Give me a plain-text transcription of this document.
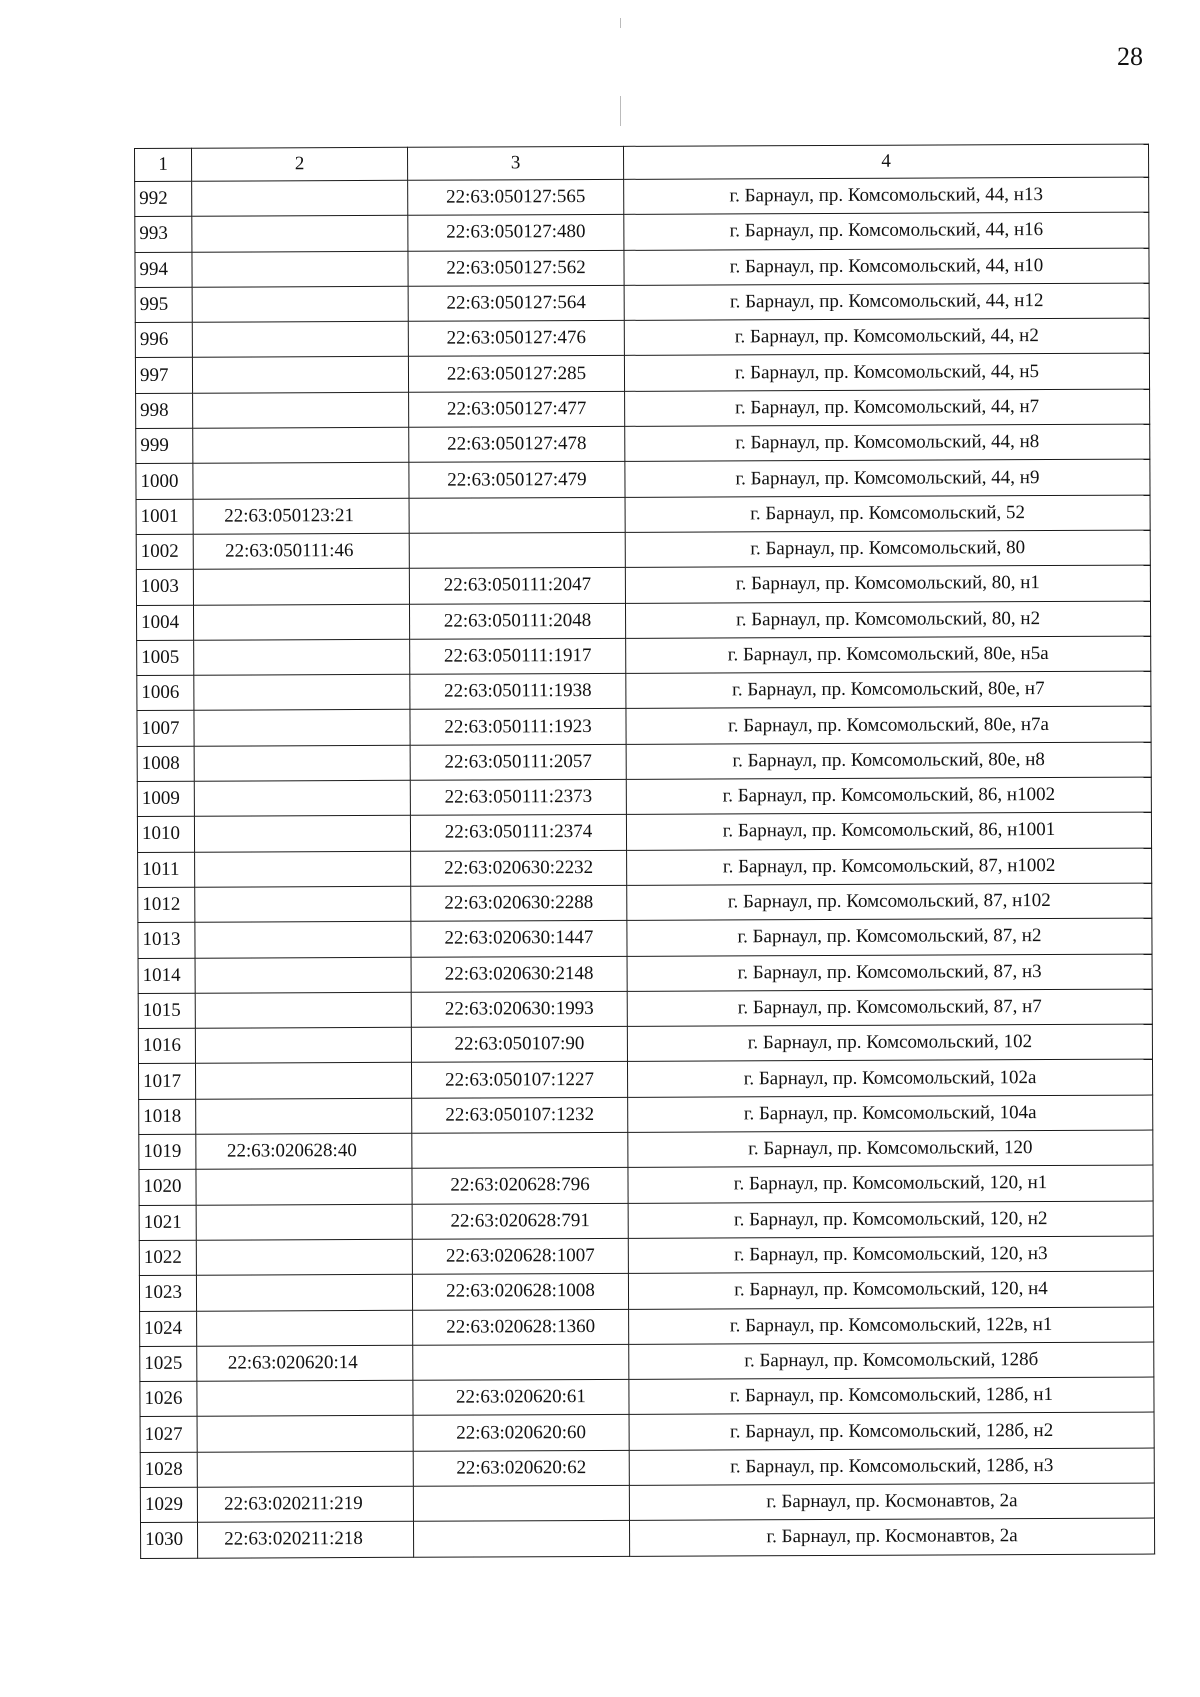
28
1	2	3	4
992		22:63:050127:565	г. Барнаул, пр. Комсомольский, 44, н13
993		22:63:050127:480	г. Барнаул, пр. Комсомольский, 44, н16
994		22:63:050127:562	г. Барнаул, пр. Комсомольский, 44, н10
995		22:63:050127:564	г. Барнаул, пр. Комсомольский, 44, н12
996		22:63:050127:476	г. Барнаул, пр. Комсомольский, 44, н2
997		22:63:050127:285	г. Барнаул, пр. Комсомольский, 44, н5
998		22:63:050127:477	г. Барнаул, пр. Комсомольский, 44, н7
999		22:63:050127:478	г. Барнаул, пр. Комсомольский, 44, н8
1000		22:63:050127:479	г. Барнаул, пр. Комсомольский, 44, н9
1001	22:63:050123:21		г. Барнаул, пр. Комсомольский, 52
1002	22:63:050111:46		г. Барнаул, пр. Комсомольский, 80
1003		22:63:050111:2047	г. Барнаул, пр. Комсомольский, 80, н1
1004		22:63:050111:2048	г. Барнаул, пр. Комсомольский, 80, н2
1005		22:63:050111:1917	г. Барнаул, пр. Комсомольский, 80е, н5а
1006		22:63:050111:1938	г. Барнаул, пр. Комсомольский, 80е, н7
1007		22:63:050111:1923	г. Барнаул, пр. Комсомольский, 80е, н7а
1008		22:63:050111:2057	г. Барнаул, пр. Комсомольский, 80е, н8
1009		22:63:050111:2373	г. Барнаул, пр. Комсомольский, 86, н1002
1010		22:63:050111:2374	г. Барнаул, пр. Комсомольский, 86, н1001
1011		22:63:020630:2232	г. Барнаул, пр. Комсомольский, 87, н1002
1012		22:63:020630:2288	г. Барнаул, пр. Комсомольский, 87, н102
1013		22:63:020630:1447	г. Барнаул, пр. Комсомольский, 87, н2
1014		22:63:020630:2148	г. Барнаул, пр. Комсомольский, 87, н3
1015		22:63:020630:1993	г. Барнаул, пр. Комсомольский, 87, н7
1016		22:63:050107:90	г. Барнаул, пр. Комсомольский, 102
1017		22:63:050107:1227	г. Барнаул, пр. Комсомольский, 102а
1018		22:63:050107:1232	г. Барнаул, пр. Комсомольский, 104а
1019	22:63:020628:40		г. Барнаул, пр. Комсомольский, 120
1020		22:63:020628:796	г. Барнаул, пр. Комсомольский, 120, н1
1021		22:63:020628:791	г. Барнаул, пр. Комсомольский, 120, н2
1022		22:63:020628:1007	г. Барнаул, пр. Комсомольский, 120, н3
1023		22:63:020628:1008	г. Барнаул, пр. Комсомольский, 120, н4
1024		22:63:020628:1360	г. Барнаул, пр. Комсомольский, 122в, н1
1025	22:63:020620:14		г. Барнаул, пр. Комсомольский, 128б
1026		22:63:020620:61	г. Барнаул, пр. Комсомольский, 128б, н1
1027		22:63:020620:60	г. Барнаул, пр. Комсомольский, 128б, н2
1028		22:63:020620:62	г. Барнаул, пр. Комсомольский, 128б, н3
1029	22:63:020211:219		г. Барнаул, пр. Космонавтов, 2а
1030	22:63:020211:218		г. Барнаул, пр. Космонавтов, 2а
